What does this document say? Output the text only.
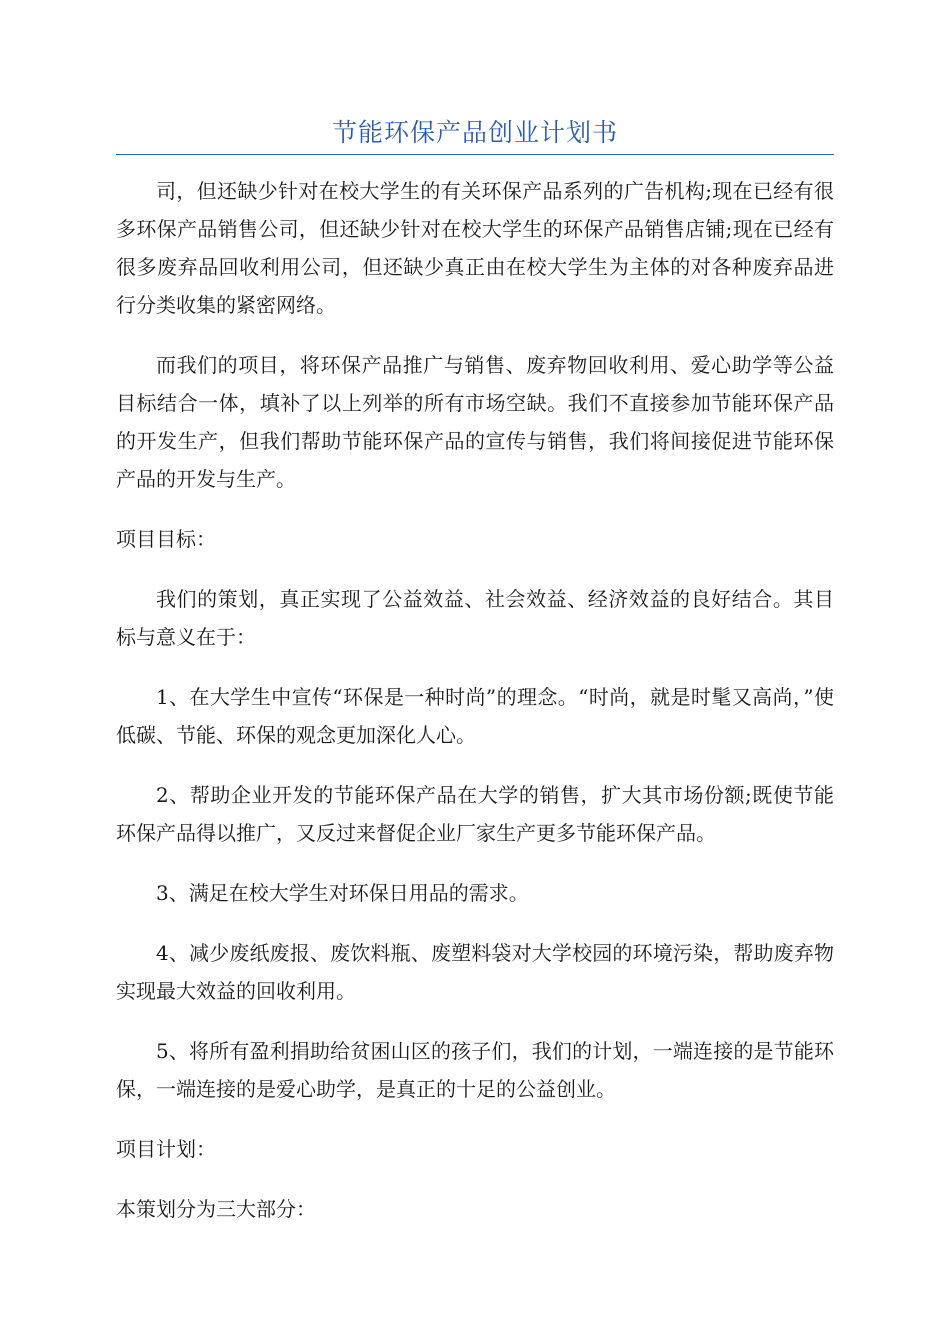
节能环保产品创业计划书

司，但还缺少针对在校大学生的有关环保产品系列的广告机构;现在已经有很多环保产品销售公司，但还缺少针对在校大学生的环保产品销售店铺;现在已经有很多废弃品回收利用公司，但还缺少真正由在校大学生为主体的对各种废弃品进行分类收集的紧密网络。

而我们的项目，将环保产品推广与销售、废弃物回收利用、爱心助学等公益目标结合一体，填补了以上列举的所有市场空缺。我们不直接参加节能环保产品的开发生产，但我们帮助节能环保产品的宣传与销售，我们将间接促进节能环保产品的开发与生产。

项目目标：

我们的策划，真正实现了公益效益、社会效益、经济效益的良好结合。其目标与意义在于：

1、在大学生中宣传“环保是一种时尚”的理念。“时尚，就是时髦又高尚，”使低碳、节能、环保的观念更加深化人心。

2、帮助企业开发的节能环保产品在大学的销售，扩大其市场份额;既使节能环保产品得以推广，又反过来督促企业厂家生产更多节能环保产品。

3、满足在校大学生对环保日用品的需求。

4、减少废纸废报、废饮料瓶、废塑料袋对大学校园的环境污染，帮助废弃物实现最大效益的回收利用。

5、将所有盈利捐助给贫困山区的孩子们，我们的计划，一端连接的是节能环保，一端连接的是爱心助学，是真正的十足的公益创业。

项目计划：

本策划分为三大部分：
